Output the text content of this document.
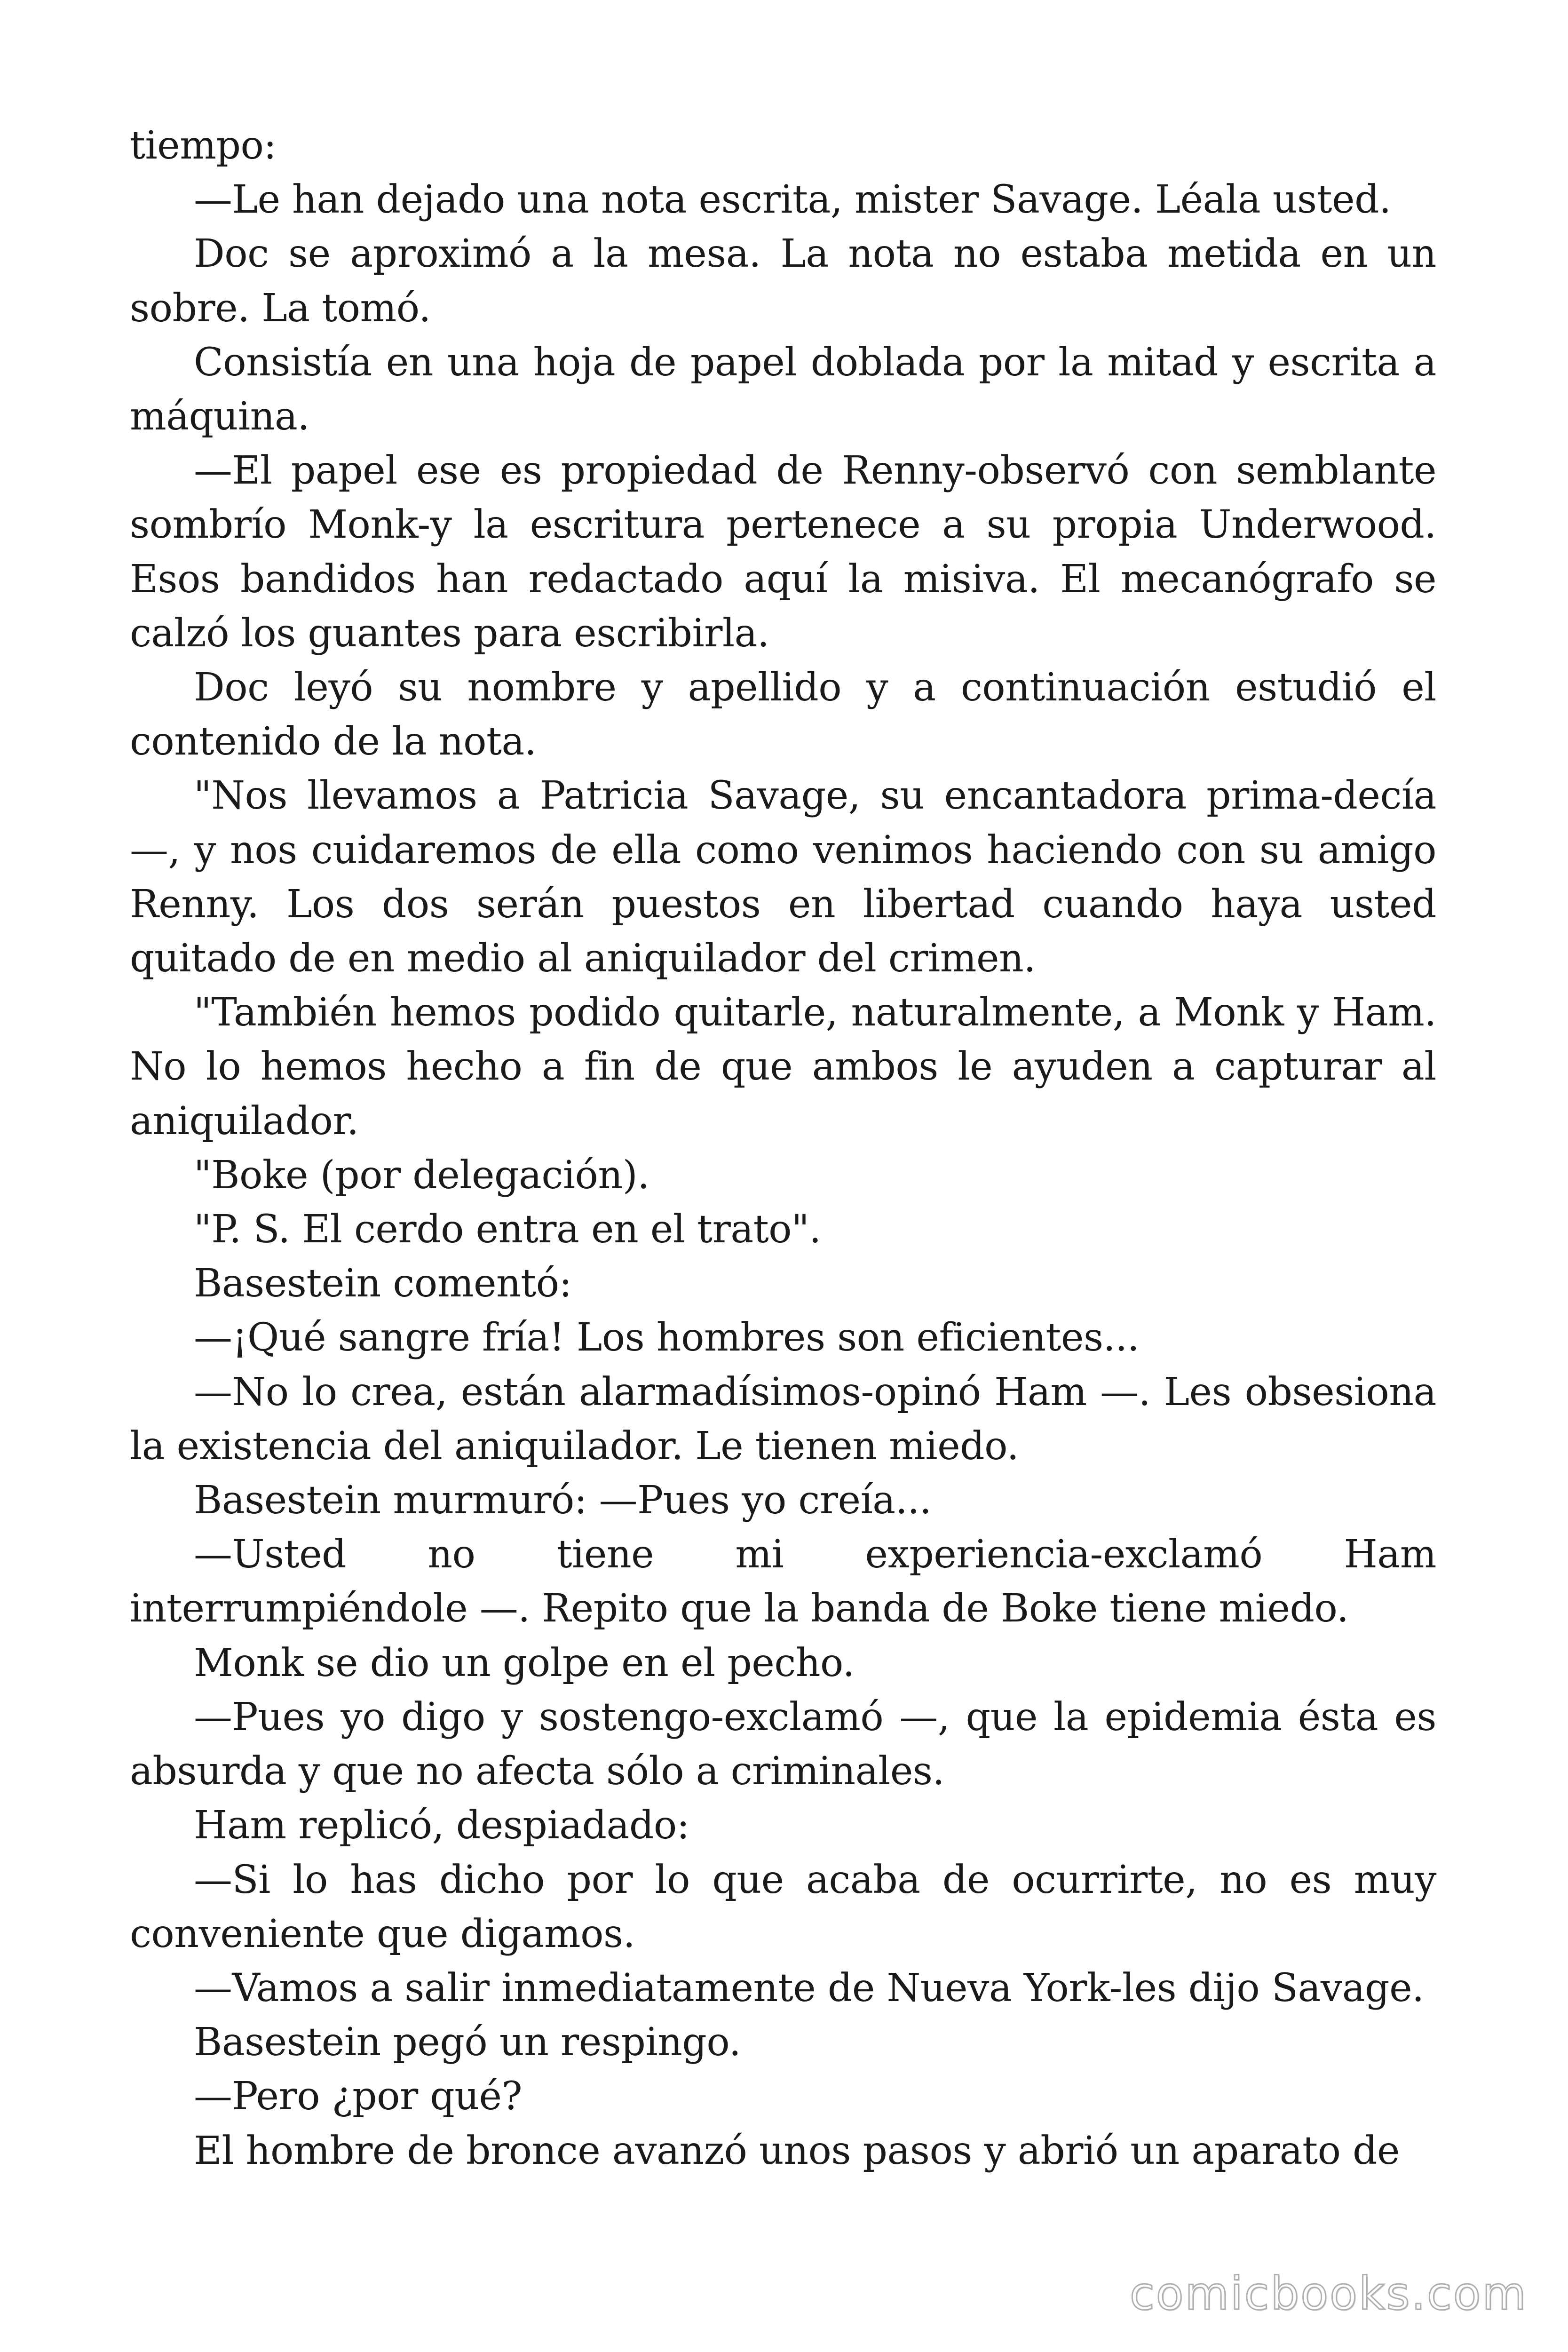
tiempo:

—Le han dejado una nota escrita, mister Savage. Léala usted.

Doc se aproximó a la mesa. La nota no estaba metida en un sobre. La tomó.

Consistía en una hoja de papel doblada por la mitad y escrita a máquina.

—El papel ese es propiedad de Renny-observó con semblante sombrío Monk-y la escritura pertenece a su propia Underwood. Esos bandidos han redactado aquí la misiva. El mecanógrafo se calzó los guantes para escribirla.

Doc leyó su nombre y apellido y a continuación estudió el contenido de la nota.

"Nos llevamos a Patricia Savage, su encantadora prima-decía —, y nos cuidaremos de ella como venimos haciendo con su amigo Renny. Los dos serán puestos en libertad cuando haya usted quitado de en medio al aniquilador del crimen.

"También hemos podido quitarle, naturalmente, a Monk y Ham. No lo hemos hecho a fin de que ambos le ayuden a capturar al aniquilador.

"Boke (por delegación).

"P. S. El cerdo entra en el trato".

Basestein comentó:

—¡Qué sangre fría! Los hombres son eficientes...

—No lo crea, están alarmadísimos-opinó Ham —. Les obsesiona la existencia del aniquilador. Le tienen miedo.

Basestein murmuró: —Pues yo creía...

—Usted no tiene mi experiencia-exclamó Ham interrumpiéndole —. Repito que la banda de Boke tiene miedo.

Monk se dio un golpe en el pecho.

—Pues yo digo y sostengo-exclamó —, que la epidemia ésta es absurda y que no afecta sólo a criminales.

Ham replicó, despiadado:

—Si lo has dicho por lo que acaba de ocurrirte, no es muy conveniente que digamos.

—Vamos a salir inmediatamente de Nueva York-les dijo Savage.

Basestein pegó un respingo.

—Pero ¿por qué?

El hombre de bronce avanzó unos pasos y abrió un aparato de

comicbooks.com
